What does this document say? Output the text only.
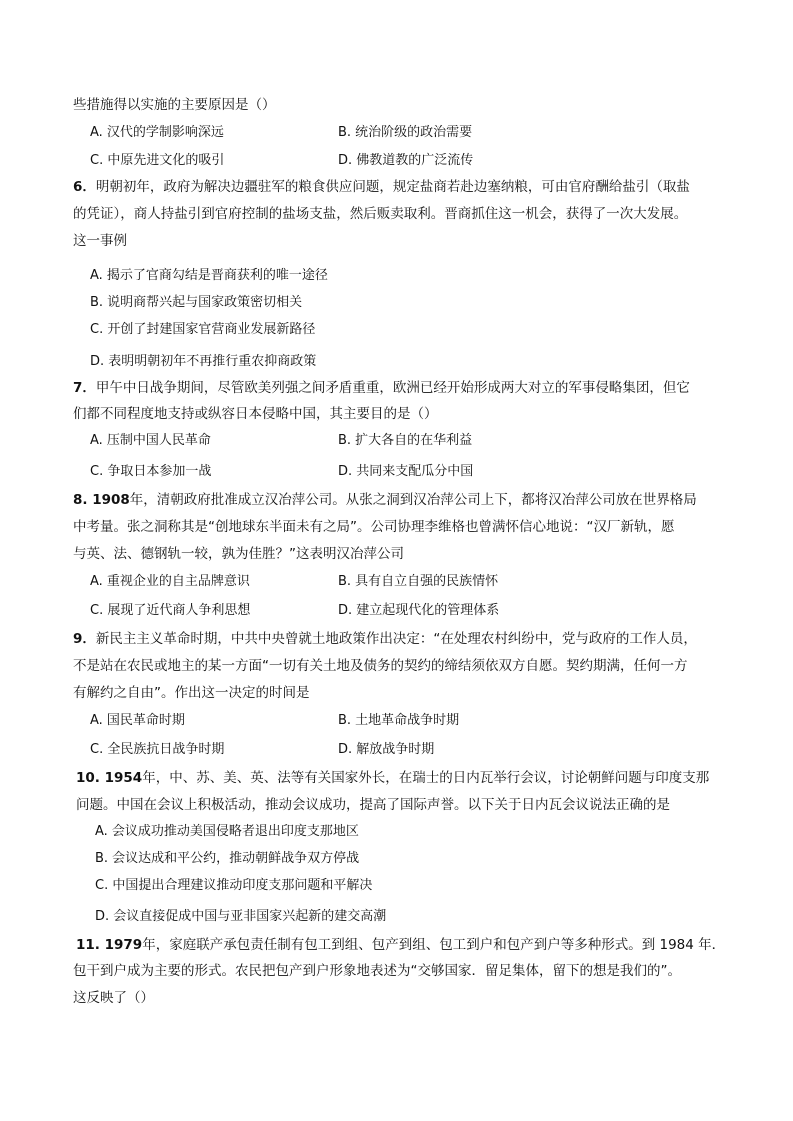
些措施得以实施的主要原因是（）
A. 汉代的学制影响深远	B. 统治阶级的政治需要
C. 中原先进文化的吸引	D. 佛教道教的广泛流传
6．明朝初年，政府为解决边疆驻军的粮食供应问题，规定盐商若赴边塞纳粮，可由官府酬给盐引（取盐
的凭证），商人持盐引到官府控制的盐场支盐，然后贩卖取利。晋商抓住这一机会，获得了一次大发展。
这一事例
A. 揭示了官商勾结是晋商获利的唯一途径
B. 说明商帮兴起与国家政策密切相关
C. 开创了封建国家官营商业发展新路径
D. 表明明朝初年不再推行重农抑商政策
7．甲午中日战争期间，尽管欧美列强之间矛盾重重，欧洲已经开始形成两大对立的军事侵略集团，但它
们都不同程度地支持或纵容日本侵略中国，其主要目的是（）
A. 压制中国人民革命	B. 扩大各自的在华利益
C. 争取日本参加一战	D. 共同来支配瓜分中国
8. 1908年，清朝政府批准成立汉冶萍公司。从张之洞到汉冶萍公司上下，都将汉冶萍公司放在世界格局
中考量。张之洞称其是“创地球东半面未有之局”。公司协理李维格也曾满怀信心地说：“汉厂新轨，愿
与英、法、德钢轨一较，孰为佳胜？”这表明汉冶萍公司
A. 重视企业的自主品牌意识	B. 具有自立自强的民族情怀
C. 展现了近代商人争利思想	D. 建立起现代化的管理体系
9．新民主主义革命时期，中共中央曾就土地政策作出决定：“在处理农村纠纷中，党与政府的工作人员，
不是站在农民或地主的某一方面“一切有关土地及债务的契约的缔结须依双方自愿。契约期满，任何一方
有解约之自由”。作出这一决定的时间是
A. 国民革命时期	B. 土地革命战争时期
C. 全民族抗日战争时期	D. 解放战争时期
10. 1954年，中、苏、美、英、法等有关国家外长，在瑞士的日内瓦举行会议，讨论朝鲜问题与印度支那
问题。中国在会议上积极活动，推动会议成功，提高了国际声誉。以下关于日内瓦会议说法正确的是
A. 会议成功推动美国侵略者退出印度支那地区
B. 会议达成和平公约，推动朝鲜战争双方停战
C. 中国提出合理建议推动印度支那问题和平解决
D. 会议直接促成中国与亚非国家兴起新的建交高潮
11. 1979年，家庭联产承包责任制有包工到组、包产到组、包工到户和包产到户等多种形式。到 1984 年．
包干到户成为主要的形式。农民把包产到户形象地表述为“交够国家．留足集体，留下的想是我们的”。
这反映了（）
